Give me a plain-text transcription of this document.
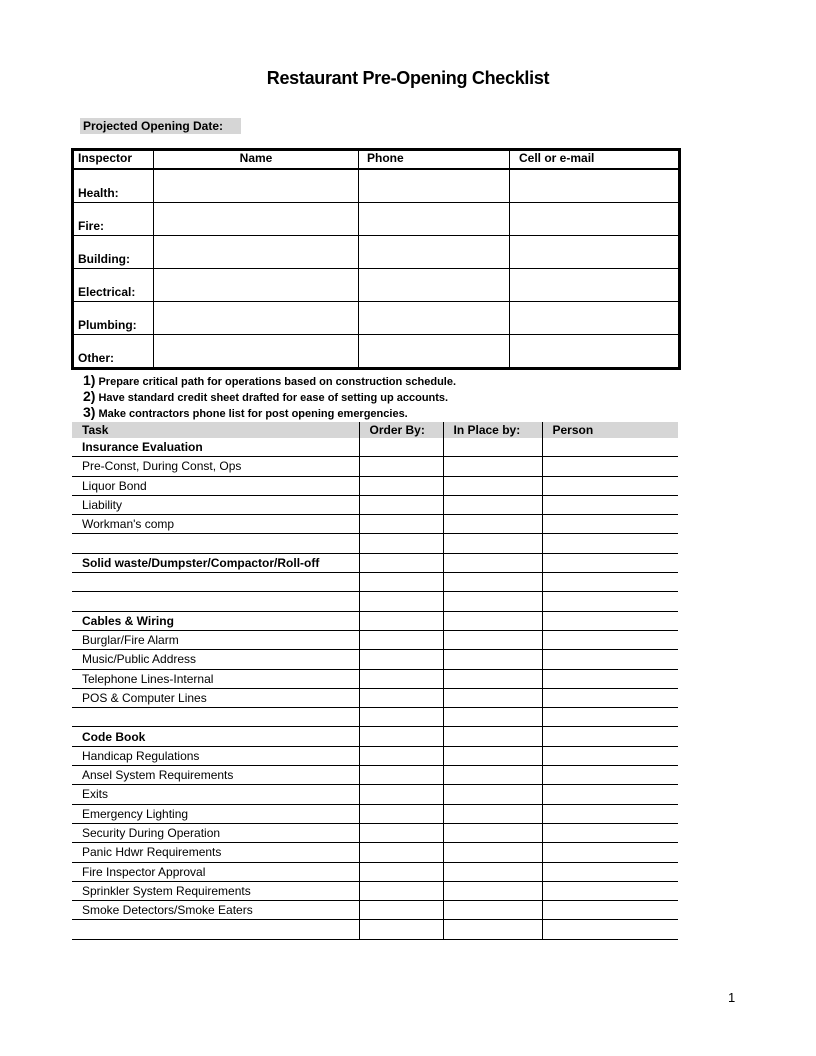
Restaurant Pre-Opening Checklist
Projected Opening Date:
Inspector	Name	Phone	Cell or e-mail
Health:			
Fire:			
Building:			
Electrical:			
Plumbing:			
Other:			
1) Prepare critical path for operations based on construction schedule.
2) Have standard credit sheet drafted for ease of setting up accounts.
3) Make contractors phone list for post opening emergencies.
Task	Order By:	In Place by:	Person
Insurance Evaluation			
Pre-Const, During Const, Ops			
Liquor Bond			
Liability			
Workman's comp			

Solid waste/Dumpster/Compactor/Roll-off			

Cables & Wiring			
Burglar/Fire Alarm			
Music/Public Address			
Telephone Lines-Internal			
POS & Computer Lines			

Code Book			
Handicap Regulations			
Ansel System Requirements			
Exits			
Emergency Lighting			
Security During Operation			
Panic Hdwr Requirements			
Fire Inspector Approval			
Sprinkler System Requirements			
Smoke Detectors/Smoke Eaters			

1
